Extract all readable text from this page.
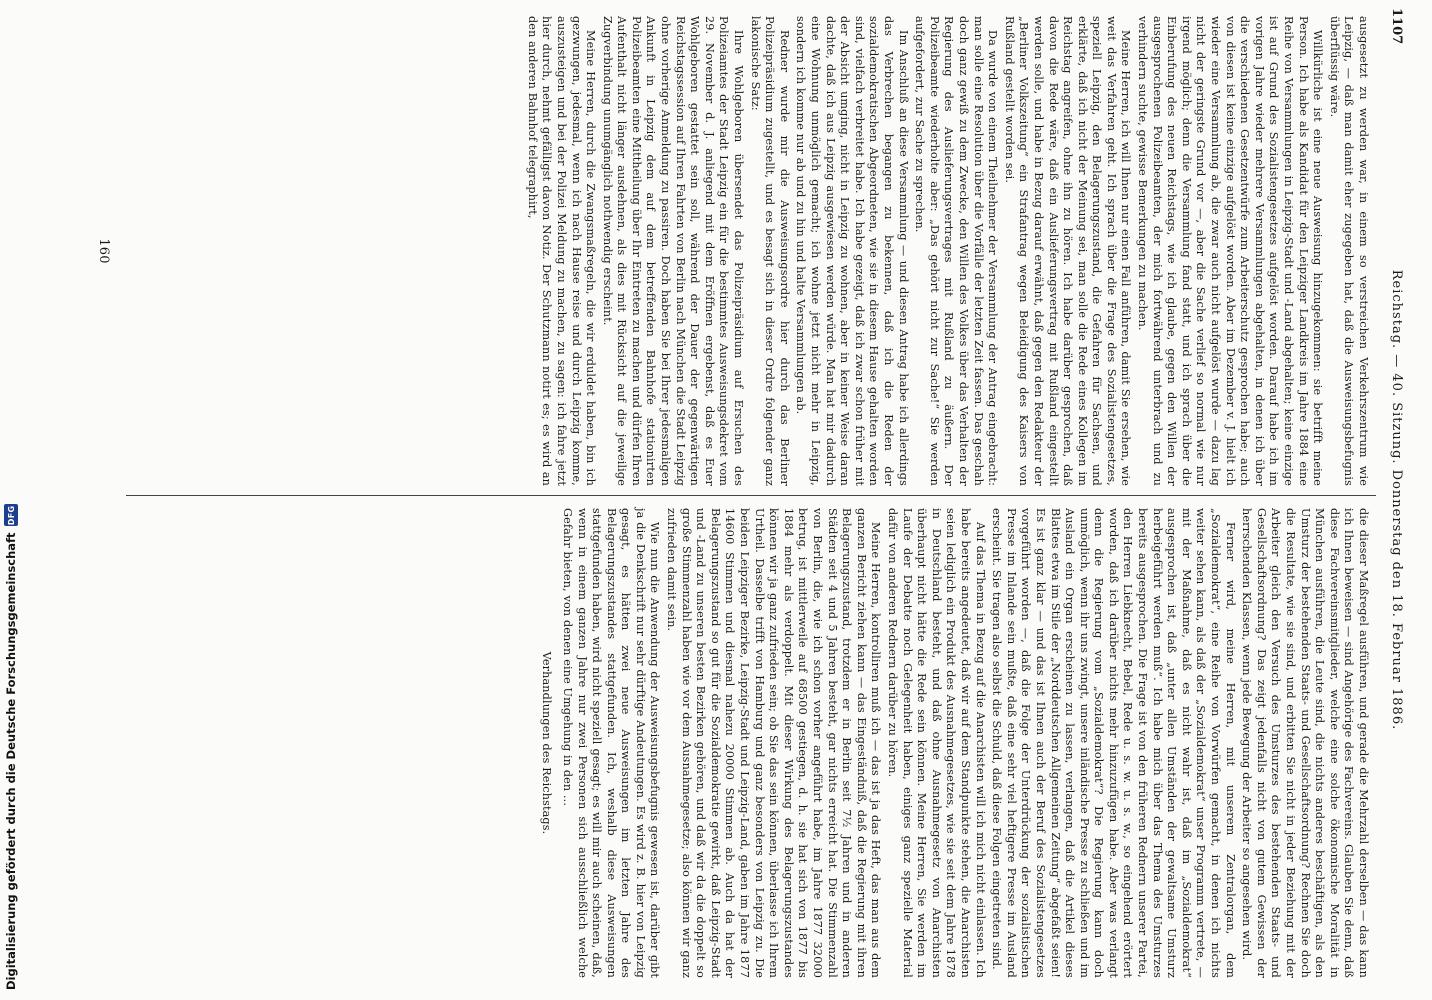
Reichstag. — 40. Sitzung. Donnerstag den 18. Februar 1886.
1107

ausgesetzt zu werden war, in einem so verstreichen Verkehrszentrum wie Leipzig, — daß man damit eher zugegeben hat, daß die Ausweisungsbefugnis überflüssig wäre.

Willkürliche ist eine neue Ausweisung hinzugekommen: sie betrifft meine Person. Ich habe als Kandidat für den Leipziger Landkreis im Jahre 1884 eine Reihe von Versammlungen in Leipzig-Stadt und -Land abgehalten; keine einzige ist auf Grund des Sozialistengesetzes aufgelöst worden. Darauf habe ich im vorigen Jahre wieder mehrere Versammlungen abgehalten, in denen ich über die verschiedenen Gesetzentwürfe zum Arbeiterschutz gesprochen habe; auch von diesen ist keine einzige aufgelöst worden. Aber im Dezember v. J. hielt ich wieder eine Versammlung ab, die zwar auch nicht aufgelöst wurde — dazu lag nicht der geringste Grund vor —, aber die Sache verlief so normal wie nur irgend möglich; denn die Versammlung fand statt, und ich sprach über die Einberufung des neuen Reichstags, wie ich glaube, gegen den Willen der ausgesprochenen Polizeibeamten, der mich fortwährend unterbrach und zu verhindern suchte, gewisse Bemerkungen zu machen.

Meine Herren, ich will Ihnen nur einen Fall anführen, damit Sie ersehen, wie weit das Verfahren geht. Ich sprach über die Frage des Sozialistengesetzes, speziell Leipzig, den Belagerungszustand, die Gefahren für Sachsen, und erklärte, daß ich nicht der Meinung sei, man solle die Rede eines Kollegen im Reichstag angreifen, ohne ihn zu hören. Ich habe darüber gesprochen, daß davon die Rede wäre, daß ein Auslieferungsvertrag mit Rußland eingestellt werden solle, und habe in Bezug darauf erwähnt, daß gegen den Redakteur der „Berliner Volkszeitung“ ein Strafantrag wegen Beleidigung des Kaisers von Rußland gestellt worden sei.

Da wurde von einem Theilnehmer der Versammlung der Antrag eingebracht: man solle eine Resolution über die Vorfälle der letzten Zeit fassen. Das geschah doch ganz gewiß zu dem Zwecke, den Willen des Volkes über das Verhalten der Regierung des Auslieferungsvertrages mit Rußland zu äußern. Der Polizeibeamte wiederholte aber: „Das gehört nicht zur Sache!“ Sie werden aufgefordert, zur Sache zu sprechen.

Im Anschluß an diese Versammlung — und diesen Antrag habe ich allerdings das Verbrechen begangen zu bekennen, daß ich die Reden der sozialdemokratischen Abgeordneten, wie sie in diesem Hause gehalten worden sind, vielfach verbreitet habe. Ich habe gezeigt, daß ich zwar schon früher mit der Absicht umging, nicht in Leipzig zu wohnen, aber in keiner Weise daran dachte, daß ich aus Leipzig ausgewiesen werden würde. Man hat mir dadurch eine Wohnung unmöglich gemacht; ich wohne jetzt nicht mehr in Leipzig, sondern ich komme nur ab und zu hin und halte Versammlungen ab.

Redner wurde mir die Ausweisungsordre hier durch das Berliner Polizeipräsidium zugestellt, und es besagt sich in dieser Ordre folgender ganz lakonische Satz:

Ihre Wohlgeboren übersendet das Polizeipräsidium auf Ersuchen des Polizeiamtes der Stadt Leipzig ein für die bestimmtes Ausweisungsdekret vom 29. November d. J. anliegend mit dem Eröffnen ergebenst, daß es Euer Wohlgeboren gestattet sein soll, während der Dauer der gegenwärtigen Reichstagssession auf Ihren Fahrten von Berlin nach München die Stadt Leipzig ohne vorherige Anmeldung zu passiren. Doch haben Sie bei Ihrer jedesmaligen Ankunft in Leipzig dem auf dem betreffenden Bahnhofe stationirten Polizeibeamten eine Mittheilung über Ihr Eintreten zu machen und dürfen Ihren Aufenthalt nicht länger ausdehnen, als dies mit Rücksicht auf die jeweilige Zugverbindung unumgänglich nothwendig erscheint.

Meine Herren, durch die Zwangsmaßregeln, die wir erduldet haben, bin ich gezwungen, jedesmal, wenn ich nach Hause reise und durch Leipzig komme, auszusteigen und bei der Polizei Meldung zu machen, zu sagen: ich fahre jetzt hier durch, nehmt gefälligst davon Notiz. Der Schutzmann notirt es; es wird an den anderen Bahnhof telegraphirt,

160

die dieser Maßregel ausführen, und gerade die Mehrzahl derselben — das kann ich Ihnen beweisen — sind Angehörige des Fachvereins. Glauben Sie denn, daß diese Fachvereinsmitglieder, welche eine solche ökonomische Moralität in München ausführen, die Leute sind, die nichts anderes beschäftigen, als den Umsturz der bestehenden Staats- und Gesellschaftsordnung? Rechnen Sie doch die Resultate, wie sie sind, und erbitten Sie nicht in jeder Beziehung mit der Arbeiter gleich den Versuch des Umsturzes des bestehenden Staats- und Gesellschaftsordnung? Das zeigt jedenfalls nicht von gutem Gewissen der herrschenden Klassen, wenn jede Bewegung der Arbeiter so angesehen wird.

Ferner wird, meine Herren, mit unserem Zentralorgan, dem „Sozialdemokrat“, eine Reihe von Vorwürfen gemacht, in denen ich nichts weiter sehen kann, als daß der „Sozialdemokrat“ unser Programm vertrete, — mit der Maßnahme, daß es nicht wahr ist, daß im „Sozialdemokrat“ ausgesprochen ist, daß „unter allen Umständen der gewaltsame Umsturz herbeigeführt werden muß“. Ich habe mich über das Thema des Umsturzes bereits ausgesprochen. Die Frage ist von den früheren Rednern unserer Partei, den Herren Liebknecht, Bebel, Rede u. s. w. u. s. w., so eingehend erörtert worden, daß ich darüber nichts mehr hinzuzufügen habe. Aber was verlangt denn die Regierung vom „Sozialdemokrat“? Die Regierung kann doch unmöglich, wenn ihr uns zwingt, unsere inländische Presse zu schließen und im Ausland ein Organ erscheinen zu lassen, verlangen, daß die Artikel dieses Blattes etwa im Stile der „Norddeutschen Allgemeinen Zeitung“ abgefaßt seien! Es ist ganz klar — und das ist Ihnen auch der Beruf des Sozialistengesetzes vorgeführt worden —, daß die Folge der Unterdrückung der sozialistischen Presse im Inlande sein mußte, daß eine sehr viel heftigere Presse im Ausland erscheint. Sie tragen also selbst die Schuld, daß diese Folgen eingetreten sind.

Auf das Thema in Bezug auf die Anarchisten will ich mich nicht einlassen. Ich habe bereits angedeutet, daß wir auf dem Standpunkte stehen, die Anarchisten seien lediglich ein Produkt des Ausnahmegesetzes, wie sie seit dem Jahre 1878 in Deutschland besteht, und daß ohne Ausnahmegesetz von Anarchisten überhaupt nicht hätte die Rede sein können. Meine Herren, Sie werden im Laufe der Debatte noch Gelegenheit haben, einiges ganz spezielle Material dafür von anderen Rednern darüber zu hören.

Meine Herren, kontrolliren muß ich — das ist ja das Heft, das man aus dem ganzen Bericht ziehen kann — das Eingeständniß, daß die Regierung mit ihren Belagerungszustand, trotzdem er in Berlin seit 7½ Jahren und in anderen Städten seit 4 und 5 Jahren besteht, gar nichts erreicht hat. Die Stimmenzahl von Berlin, die, wie ich schon vorher angeführt habe, im Jahre 1877 32000 betrug, ist mittlerweile auf 68500 gestiegen, d. h. sie hat sich von 1877 bis 1884 mehr als verdoppelt. Mit dieser Wirkung des Belagerungszustandes können wir ja ganz zufrieden sein; ob Sie das sein können, überlasse ich Ihrem Urtheil. Dasselbe trifft von Hamburg und ganz besonders von Leipzig zu. Die beiden Leipziger Bezirke, Leipzig-Stadt und Leipzig-Land, gaben im Jahre 1877 14600 Stimmen und diesmal nahezu 20000 Stimmen ab. Auch da hat der Belagerungszustand so gut für die Sozialdemokratie gewirkt, daß Leipzig-Stadt und -Land zu unseren besten Bezirken gehören, und daß wir da die doppelt so große Stimmenzahl haben wie vor dem Ausnahmegesetze; also können wir ganz zufrieden damit sein.

Wie nun die Anwendung der Ausweisungsbefugnis gewesen ist, darüber gibt ja die Denkschrift nur sehr dürftige Andeutungen. Es wird z. B. hier von Leipzig gesagt, es hätten zwei neue Ausweisungen im letzten Jahre des Belagerungszustandes stattgefunden. Ich, weshalb diese Ausweisungen stattgefunden haben, wird nicht speziell gesagt; es will mir auch scheinen, daß, wenn in einem ganzen Jahre nur zwei Personen sich ausschließlich welche Gefahr bieten, von denen eine Umgehung in den ...

Verhandlungen des Reichstags.

Digitalisierung gefördert durch die Deutsche Forschungsgemeinschaft
DFG
